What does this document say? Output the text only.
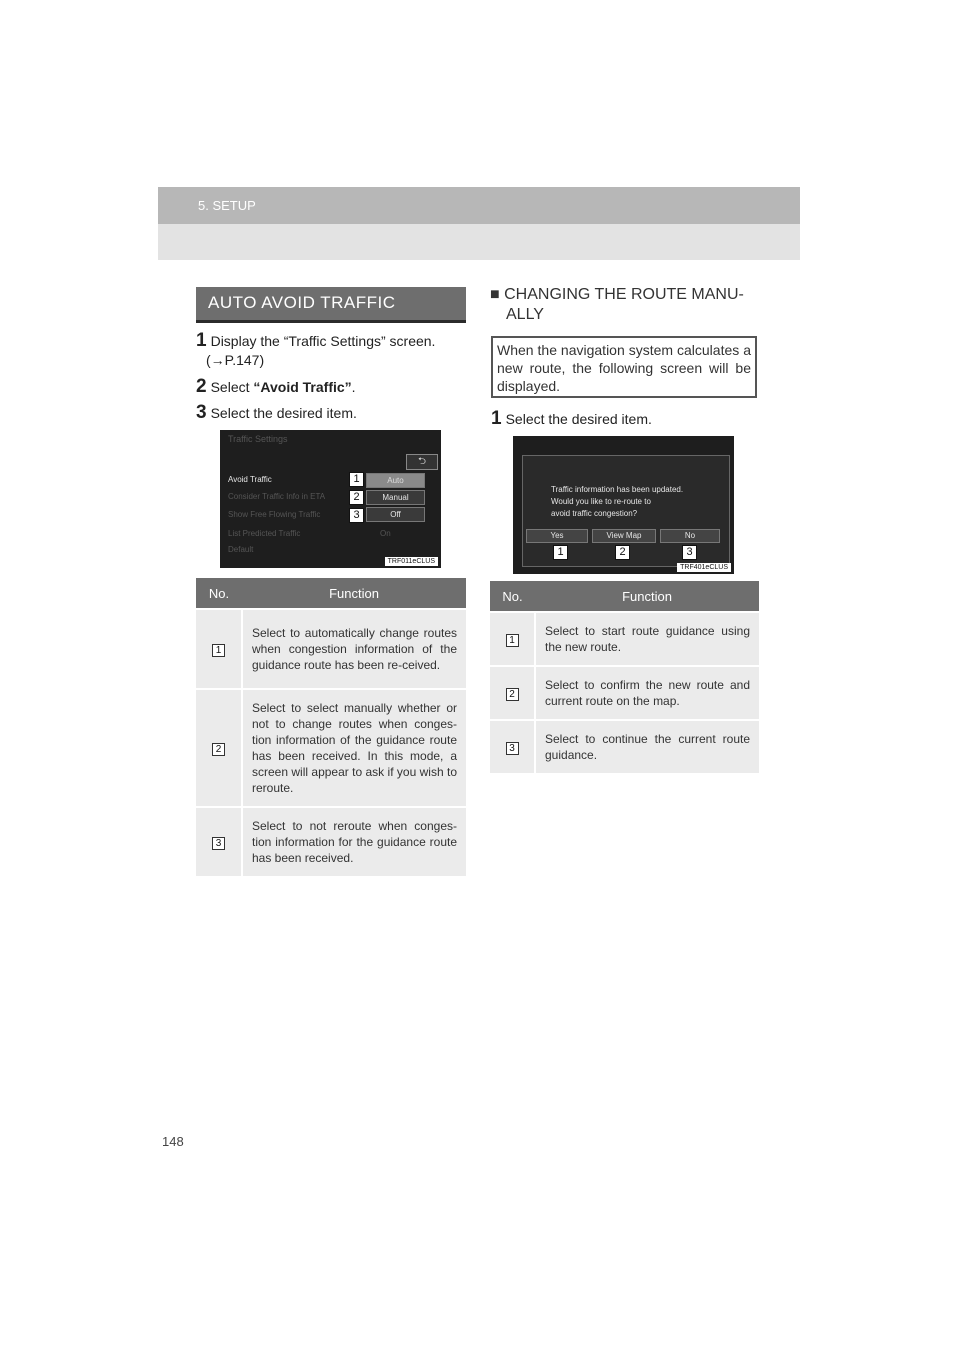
5. SETUP
AUTO AVOID TRAFFIC
1 Display the “Traffic Settings” screen.
(→P.147)
2 Select “Avoid Traffic”.
3 Select the desired item.
Traffic Settings
⮌
Avoid Traffic
Consider Traffic Info in ETA
Show Free Flowing Traffic
List Predicted Traffic
Default
On
Auto
Manual
Off
1
2
3
TRF011eCLUS
No.	Function
1	Select to automatically change routes when congestion information of the guidance route has been re-ceived.
2	Select to select manually whether or not to change routes when conges-tion information of the guidance route has been received. In this mode, a screen will appear to ask if you wish to reroute.
3	Select to not reroute when conges-tion information for the guidance route has been received.
■ CHANGING THE ROUTE MANU-
ALLY
When the navigation system calculates a new route, the following screen will be displayed.
1 Select the desired item.
Traffic information has been updated.
Would you like to re-route to
avoid traffic congestion?
Yes	View Map	No
1	2	3
TRF401eCLUS
No.	Function
1	Select to start route guidance using the new route.
2	Select to confirm the new route and current route on the map.
3	Select to continue the current route guidance.
148
